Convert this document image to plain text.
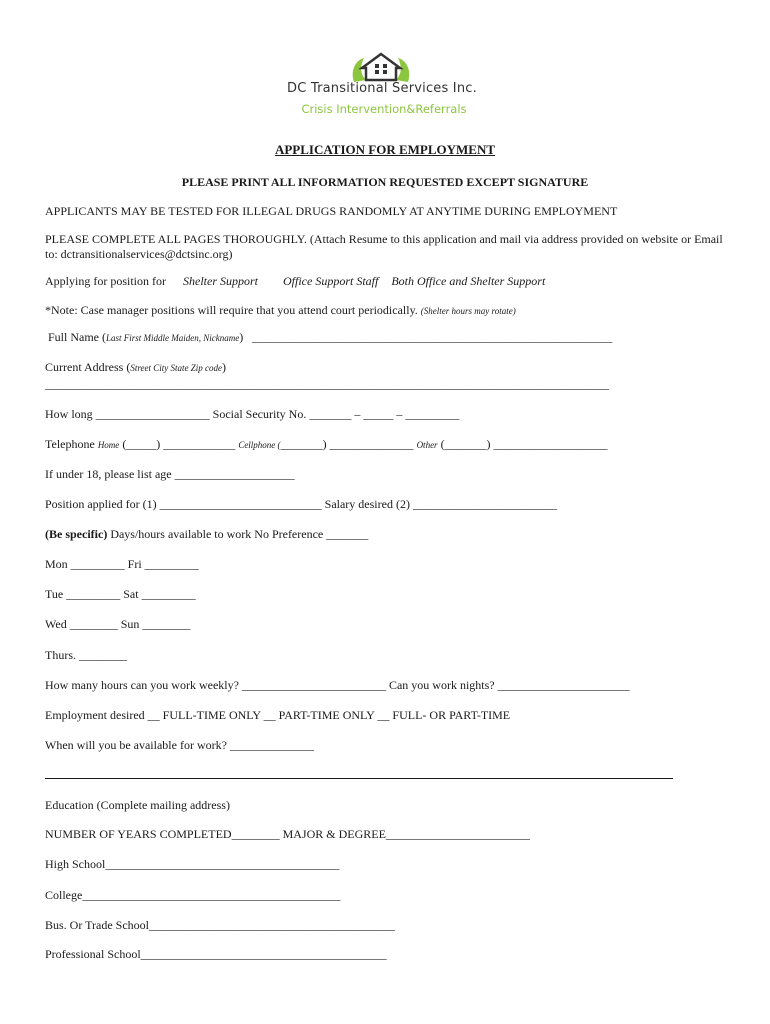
DC Transitional Services Inc.
Crisis Intervention&Referrals
APPLICATION FOR EMPLOYMENT
PLEASE PRINT ALL INFORMATION REQUESTED EXCEPT SIGNATURE
APPLICANTS MAY BE TESTED FOR ILLEGAL DRUGS RANDOMLY AT ANYTIME DURING EMPLOYMENT
PLEASE COMPLETE ALL PAGES THOROUGHLY. (Attach Resume to this application and mail via address provided on website or Email to: dctransitionalservices@dctsinc.org)
Applying for position for Shelter Support Office Support Staff Both Office and Shelter Support
*Note: Case manager positions will require that you attend court periodically. (Shelter hours may rotate)
Full Name (Last First Middle Maiden, Nickname) ____________________________________________________________
Current Address (Street City State Zip code)
______________________________________________________________________________________________
How long ___________________ Social Security No. _______ – _____ – _________
Telephone Home (_____) ____________ Cellphone (_______) ______________ Other (_______) ___________________
If under 18, please list age ____________________
Position applied for (1) ___________________________ Salary desired (2) ________________________
(Be specific) Days/hours available to work No Preference _______
Mon _________ Fri _________
Tue _________ Sat _________
Wed ________ Sun ________
Thurs. ________
How many hours can you work weekly? ________________________ Can you work nights? ______________________
Employment desired __ FULL-TIME ONLY __ PART-TIME ONLY __ FULL- OR PART-TIME
When will you be available for work? ______________
Education (Complete mailing address)
NUMBER OF YEARS COMPLETED________ MAJOR & DEGREE________________________
High School_______________________________________
College___________________________________________
Bus. Or Trade School_________________________________________
Professional School_________________________________________
